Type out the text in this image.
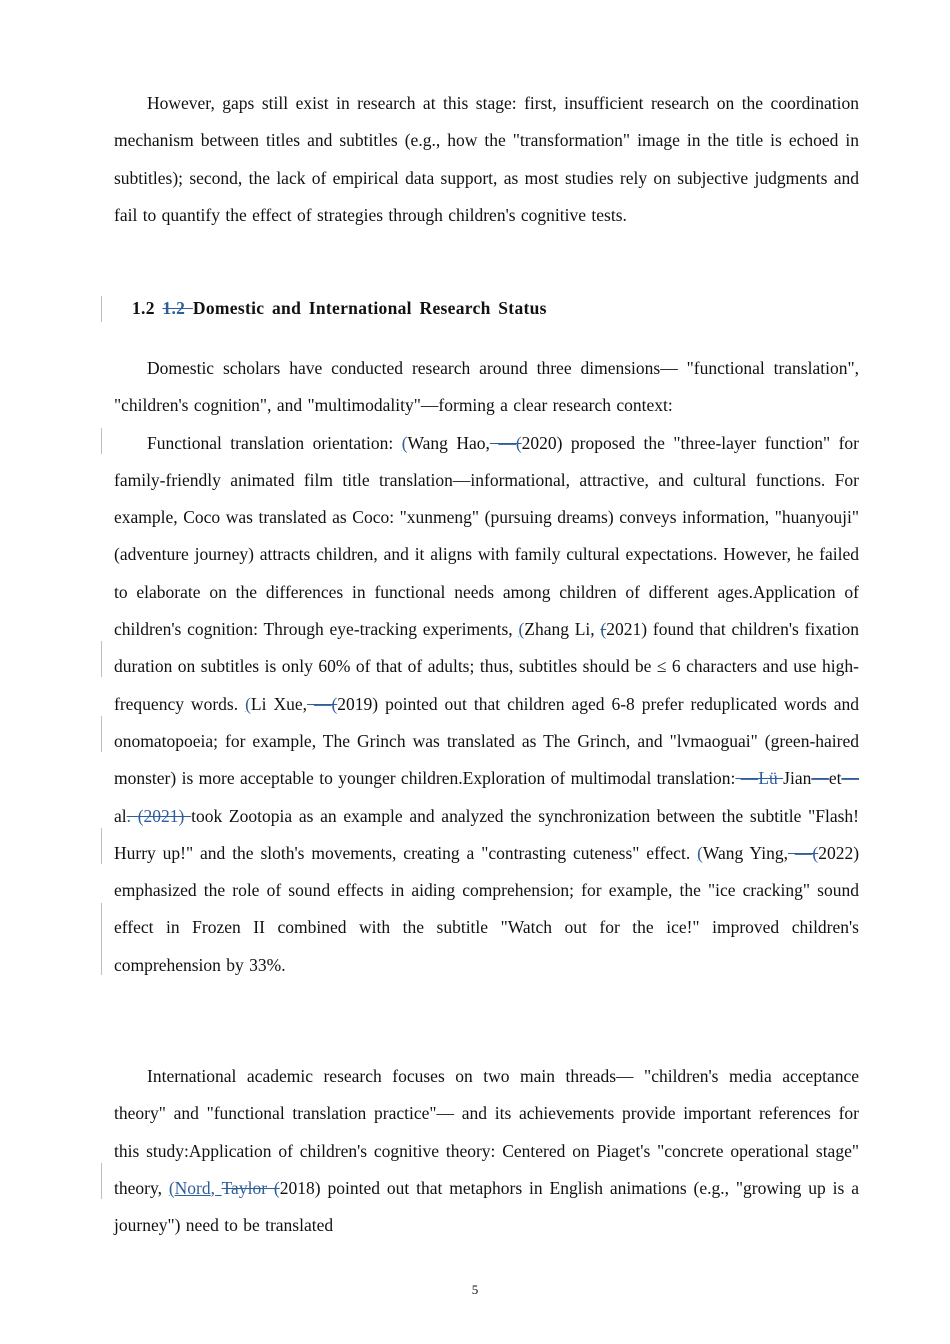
However, gaps still exist in research at this stage: first, insufficient research on the coordination mechanism between titles and subtitles (e.g., how the "transformation" image in the title is echoed in subtitles); second, the lack of empirical data support, as most studies rely on subjective judgments and fail to quantify the effect of strategies through children's cognitive tests.

1.2 1.2 Domestic and International Research Status

Domestic scholars have conducted research around three dimensions— "functional translation", "children's cognition", and "multimodality"—forming a clear research context:

Functional translation orientation: (Wang Hao, —(2020) proposed the "three-layer function" for family-friendly animated film title translation—informational, attractive, and cultural functions. For example, Coco was translated as Coco: "xunmeng" (pursuing dreams) conveys information, "huanyouji" (adventure journey) attracts children, and it aligns with family cultural expectations. However, he failed to elaborate on the differences in functional needs among children of different ages.Application of children's cognition: Through eye-tracking experiments, (Zhang Li, (2021) found that children's fixation duration on subtitles is only 60% of that of adults; thus, subtitles should be ≤ 6 characters and use high-frequency words. (Li Xue, —(2019) pointed out that children aged 6-8 prefer reduplicated words and onomatopoeia; for example, The Grinch was translated as The Grinch, and "lvmaoguai" (green-haired monster) is more acceptable to younger children.Exploration of multimodal translation: —Lü Jian—et—al. (2021) took Zootopia as an example and analyzed the synchronization between the subtitle "Flash! Hurry up!" and the sloth's movements, creating a "contrasting cuteness" effect. (Wang Ying, —(2022) emphasized the role of sound effects in aiding comprehension; for example, the "ice cracking" sound effect in Frozen II combined with the subtitle "Watch out for the ice!" improved children's comprehension by 33%.

International academic research focuses on two main threads— "children's media acceptance theory" and "functional translation practice"— and its achievements provide important references for this study:Application of children's cognitive theory: Centered on Piaget's "concrete operational stage" theory, (Nord, Taylor (2018) pointed out that metaphors in English animations (e.g., "growing up is a journey") need to be translated

5
